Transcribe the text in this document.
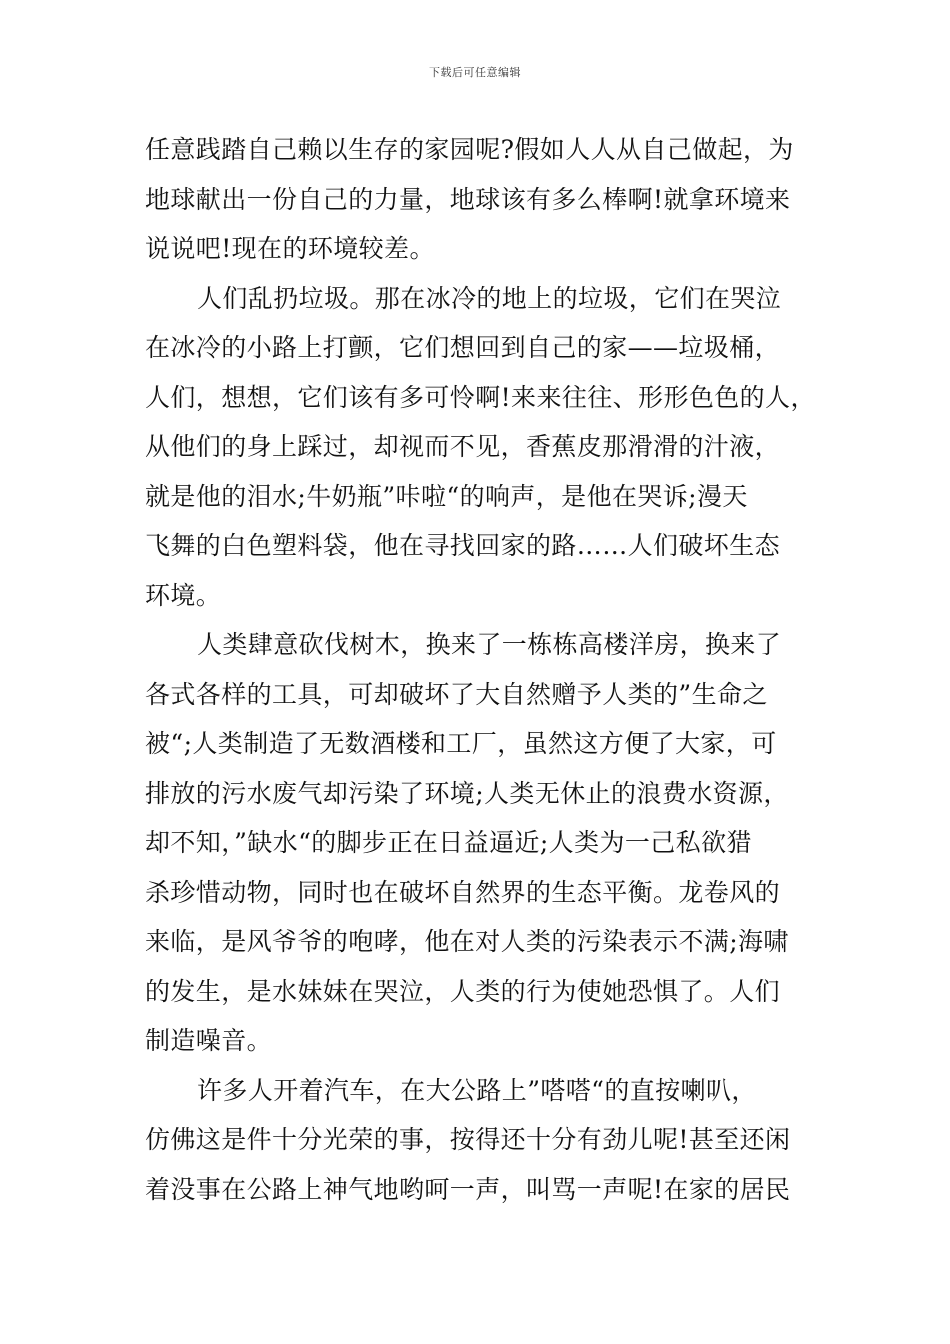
下载后可任意编辑
任意践踏自己赖以生存的家园呢?假如人人从自己做起，为
地球献出一份自己的力量，地球该有多么棒啊!就拿环境来
说说吧!现在的环境较差。
人们乱扔垃圾。那在冰冷的地上的垃圾，它们在哭泣
在冰冷的小路上打颤，它们想回到自己的家——垃圾桶，
人们，想想，它们该有多可怜啊!来来往往、形形色色的人，
从他们的身上踩过，却视而不见，香蕉皮那滑滑的汁液，
就是他的泪水;牛奶瓶”咔啦“的响声，是他在哭诉;漫天
飞舞的白色塑料袋，他在寻找回家的路……人们破坏生态
环境。
人类肆意砍伐树木，换来了一栋栋高楼洋房，换来了
各式各样的工具，可却破坏了大自然赠予人类的”生命之
被“;人类制造了无数酒楼和工厂，虽然这方便了大家，可
排放的污水废气却污染了环境;人类无休止的浪费水资源，
却不知，”缺水“的脚步正在日益逼近;人类为一己私欲猎
杀珍惜动物，同时也在破坏自然界的生态平衡。龙卷风的
来临，是风爷爷的咆哮，他在对人类的污染表示不满;海啸
的发生，是水妹妹在哭泣，人类的行为使她恐惧了。人们
制造噪音。
许多人开着汽车，在大公路上”嗒嗒“的直按喇叭，
仿佛这是件十分光荣的事，按得还十分有劲儿呢!甚至还闲
着没事在公路上神气地哟呵一声，叫骂一声呢!在家的居民
